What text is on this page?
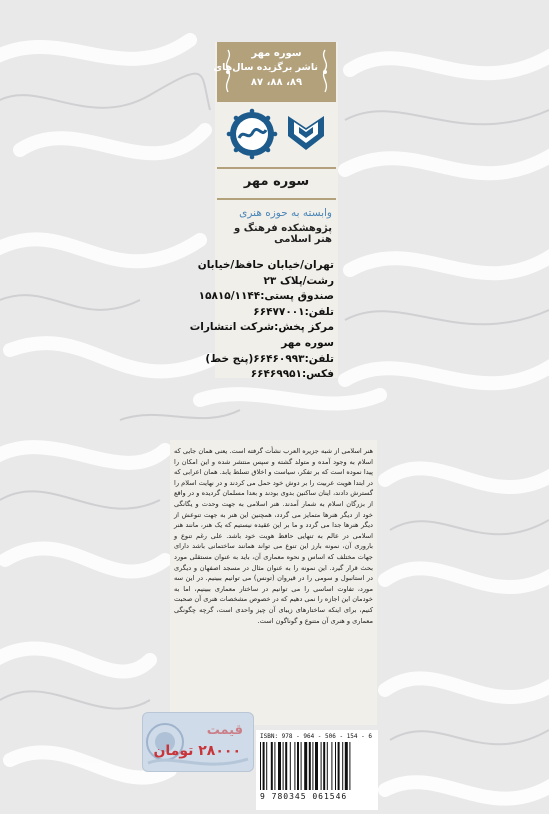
سوره مهر
ناشر برگزیده سال‌های
۸۹، ۸۸، ۸۷
سوره مهر
وابسته به حوزه هنری
پژوهشکده فرهنگ و هنر اسلامی
تهران/خیابان حافظ/خیابان
رشت/پلاک ۲۳
صندوق پستی:۱۵۸۱۵/۱۱۴۴
تلفن:۶۶۴۷۷۰۰۱
مرکز پخش:شرکت انتشارات
سوره مهر
تلفن:۶۶۴۶۰۹۹۳(پنج خط)
فکس:۶۶۴۶۹۹۵۱

هنر اسلامی از شبه جزیره العرب نشأت گرفته است. یعنی همان جایی که اسلام به وجود آمده و متولد گشته و سپس منتشر شده و این امکان را پیدا نموده است که بر تفکر، سیاست و اخلاق تسلط یابد. همان اعرابی که در ابتدا هویت عربیت را بر دوش خود حمل می کردند و در نهایت اسلام را گسترش دادند، اینان ساکنین بدوی بودند و بعدا مسلمان گردیده و در واقع از بزرگان اسلام به شمار آمدند. هنر اسلامی به جهت وحدت و یگانگی خود از دیگر هنرها متمایز می گردد، همچنین این هنر به جهت تنوعش از دیگر هنرها جدا می گردد و ما بر این عقیده نیستیم که یک هنر، مانند هنر اسلامی در عالم به تنهایی حافظ هویت خود باشد. علی رغم تنوع و باروری آن، نمونه بارز این تنوع می تواند همانند ساختمانی باشد دارای جهات مختلف که اساس و نحوه معماری آن، باید به عنوان مستقلی مورد بحث قرار گیرد. این نمونه را به عنوان مثال در مسجد اصفهان و دیگری در استانبول و سومی را در قیروان (تونس) می توانیم ببینیم. در این سه مورد، تفاوت اساسی را می توانیم در ساختار معماری ببینیم، اما به خودمان این اجازه را نمی دهیم که در خصوص مشخصات هنری آن صحبت کنیم، برای اینکه ساختارهای زیبای آن چیز واحدی است، گرچه چگونگی معماری و هنری آن متنوع و گوناگون است.

قیمت
۲۸۰۰۰ تومان
ISBN: 978 - 964 - 506 - 154 - 6
9 780345 061546
